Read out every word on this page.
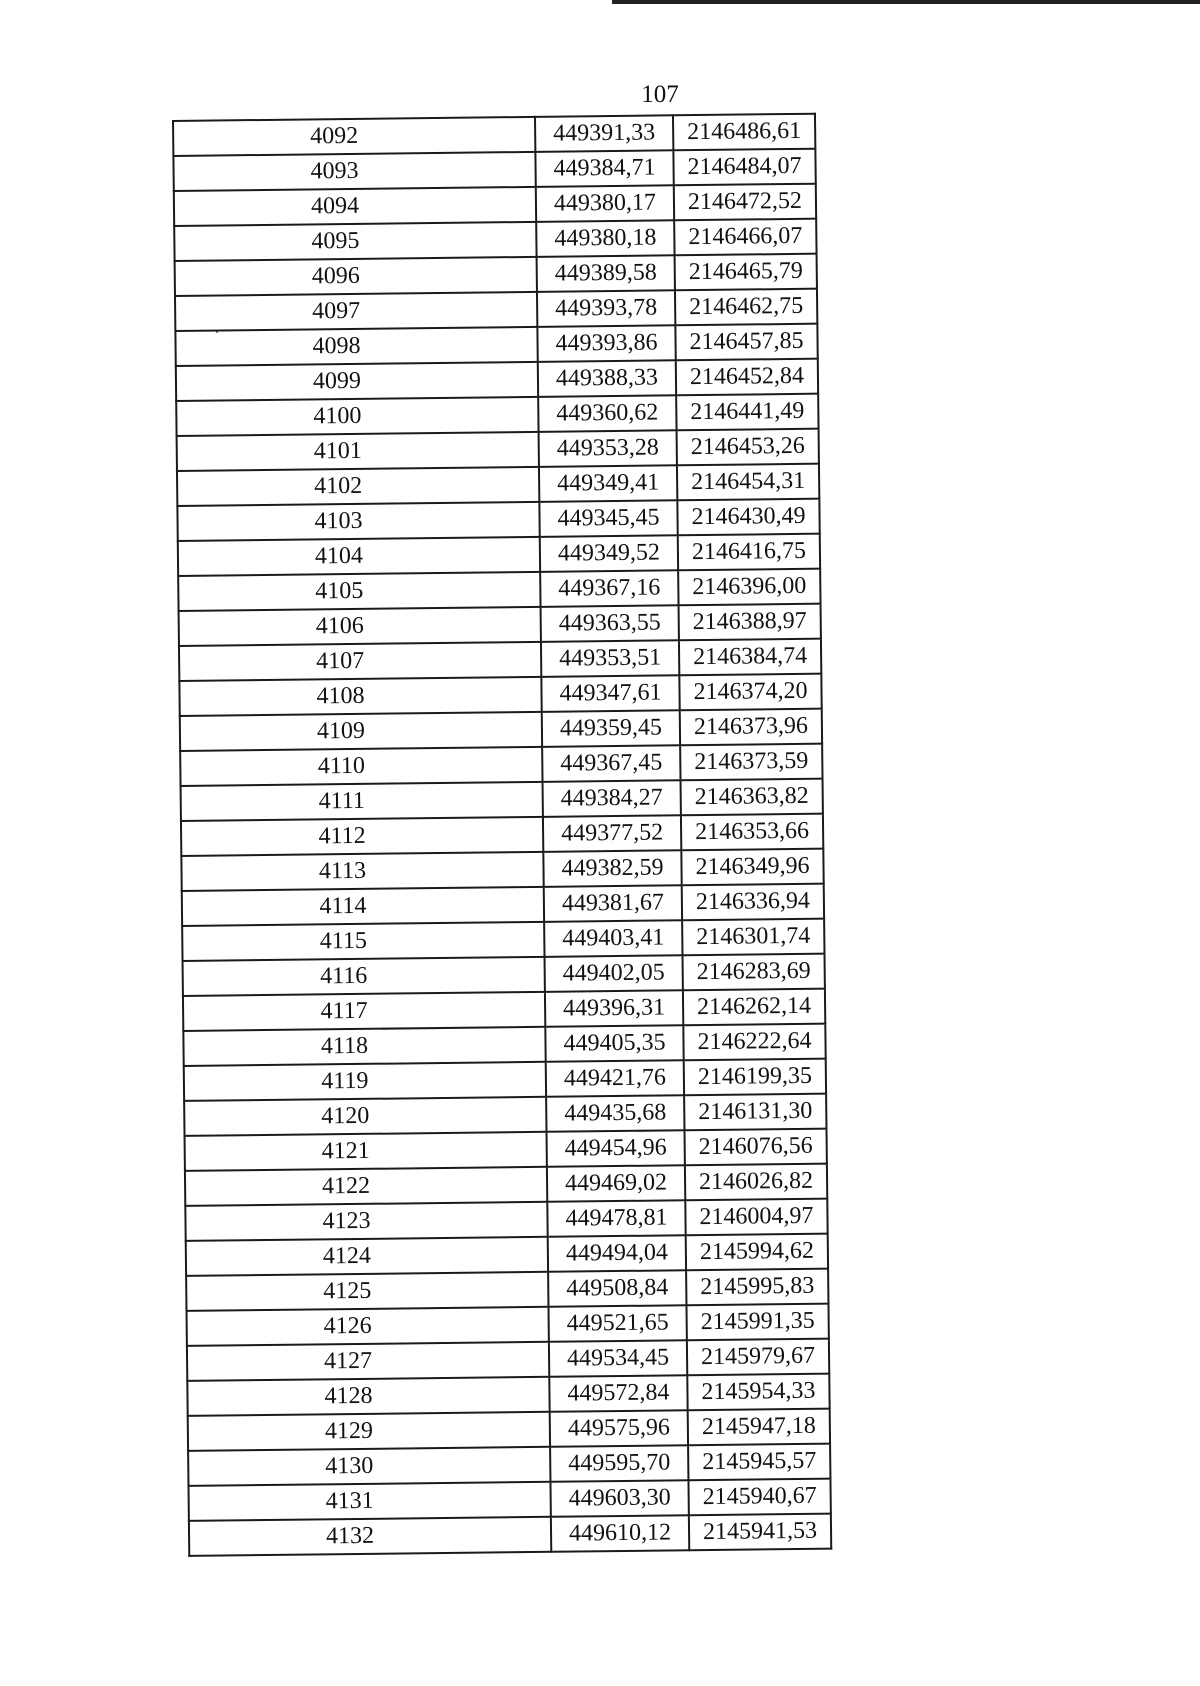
107
4092	449391,33	2146486,61
4093	449384,71	2146484,07
4094	449380,17	2146472,52
4095	449380,18	2146466,07
4096	449389,58	2146465,79
4097	449393,78	2146462,75
4098	449393,86	2146457,85
4099	449388,33	2146452,84
4100	449360,62	2146441,49
4101	449353,28	2146453,26
4102	449349,41	2146454,31
4103	449345,45	2146430,49
4104	449349,52	2146416,75
4105	449367,16	2146396,00
4106	449363,55	2146388,97
4107	449353,51	2146384,74
4108	449347,61	2146374,20
4109	449359,45	2146373,96
4110	449367,45	2146373,59
4111	449384,27	2146363,82
4112	449377,52	2146353,66
4113	449382,59	2146349,96
4114	449381,67	2146336,94
4115	449403,41	2146301,74
4116	449402,05	2146283,69
4117	449396,31	2146262,14
4118	449405,35	2146222,64
4119	449421,76	2146199,35
4120	449435,68	2146131,30
4121	449454,96	2146076,56
4122	449469,02	2146026,82
4123	449478,81	2146004,97
4124	449494,04	2145994,62
4125	449508,84	2145995,83
4126	449521,65	2145991,35
4127	449534,45	2145979,67
4128	449572,84	2145954,33
4129	449575,96	2145947,18
4130	449595,70	2145945,57
4131	449603,30	2145940,67
4132	449610,12	2145941,53
